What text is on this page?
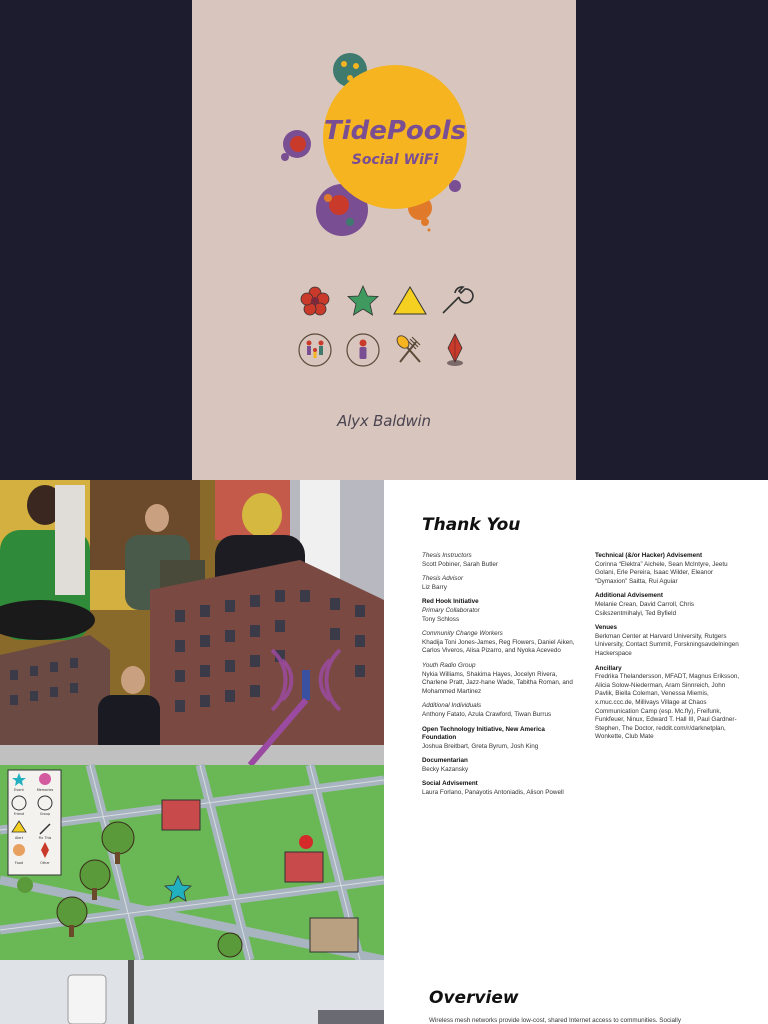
TidePools
Social WiFi
Alyx Baldwin
Event	Memories
Friend	Group
Alert	Fix This
Food	Other
Thank You
Thesis Instructors
Scott Pobiner, Sarah Butler
Thesis Advisor
Liz Barry
Red Hook Initiative
Primary Collaborator
Tony Schloss
Community Change Workers
Khadija Toni Jones-James, Reg Flowers, Daniel Aiken, Carlos Viveros, Alisa Pizarro, and Nyoka Acevedo
Youth Radio Group
Nykia Williams, Shakima Hayes, Jocelyn Rivera, Charlene Pratt, Jazz-hane Wade, Tabitha Roman, and Mohammed Martinez
Additional Individuals
Anthony Fatato, Azula Crawford, Tiwan Burrus
Open Technology Initiative, New America Foundation
Joshua Breitbart, Greta Byrum, Josh King
Documentarian
Becky Kazansky
Social Advisement
Laura Forlano, Panayotis Antoniadis, Alison Powell
Technical (&/or Hacker) Advisement
Corinna “Elektra” Aichele, Sean McIntyre, Jeetu Golani, Erle Pereira, Isaac Wilder, Eleanor “Dymaxion” Saitta, Rui Aguiar
Additional Advisement
Melanie Crean, David Carroll, Chris Csikszentmihalyi, Ted Byfield
Venues
Berkman Center at Harvard University, Rutgers University, Contact Summit, Forskningsavdelningen Hackerspace
Ancillary
Fredrika Thelandersson, MFADT, Magnus Eriksson, Alicia Solow-Niederman, Aram Sinnreich, John Pavlik, Biella Coleman, Venessa Miemis, x.muc.ccc.de, Millivays Village at Chaos Communication Camp (esp. Mc.fly), Freifunk, Funkfeuer, Ninux, Edward T. Hall III, Paul Gardner-Stephen, The Doctor, reddit.com/r/darknetplan, Wonkette, Club Mate
Overview
Wireless mesh networks provide low-cost, shared Internet access to communities. Socially
